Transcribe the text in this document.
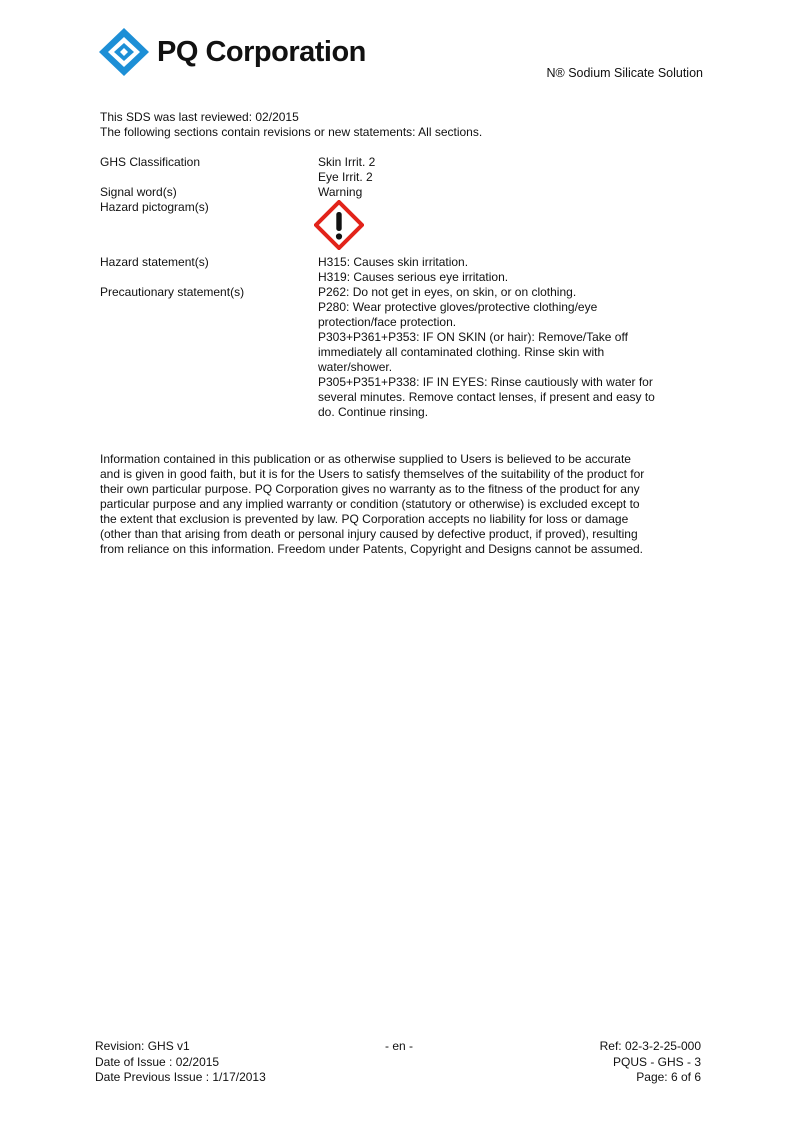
PQ Corporation
N® Sodium Silicate Solution
This SDS was last reviewed: 02/2015
The following sections contain revisions or new statements: All sections.
GHS Classification	Skin Irrit. 2
Eye Irrit. 2
Signal word(s)	Warning
Hazard pictogram(s)
Hazard statement(s)	H315: Causes skin irritation.
H319: Causes serious eye irritation.
Precautionary statement(s)	P262: Do not get in eyes, on skin, or on clothing.
P280: Wear protective gloves/protective clothing/eye
protection/face protection.
P303+P361+P353: IF ON SKIN (or hair): Remove/Take off
immediately all contaminated clothing. Rinse skin with
water/shower.
P305+P351+P338: IF IN EYES: Rinse cautiously with water for
several minutes. Remove contact lenses, if present and easy to
do. Continue rinsing.
Information contained in this publication or as otherwise supplied to Users is believed to be accurate
and is given in good faith, but it is for the Users to satisfy themselves of the suitability of the product for
their own particular purpose. PQ Corporation gives no warranty as to the fitness of the product for any
particular purpose and any implied warranty or condition (statutory or otherwise) is excluded except to
the extent that exclusion is prevented by law. PQ Corporation accepts no liability for loss or damage
(other than that arising from death or personal injury caused by defective product, if proved), resulting
from reliance on this information. Freedom under Patents, Copyright and Designs cannot be assumed.
Revision: GHS v1
Date of Issue : 02/2015
Date Previous Issue : 1/17/2013
- en -	Ref: 02-3-2-25-000
PQUS - GHS - 3
Page: 6 of 6
